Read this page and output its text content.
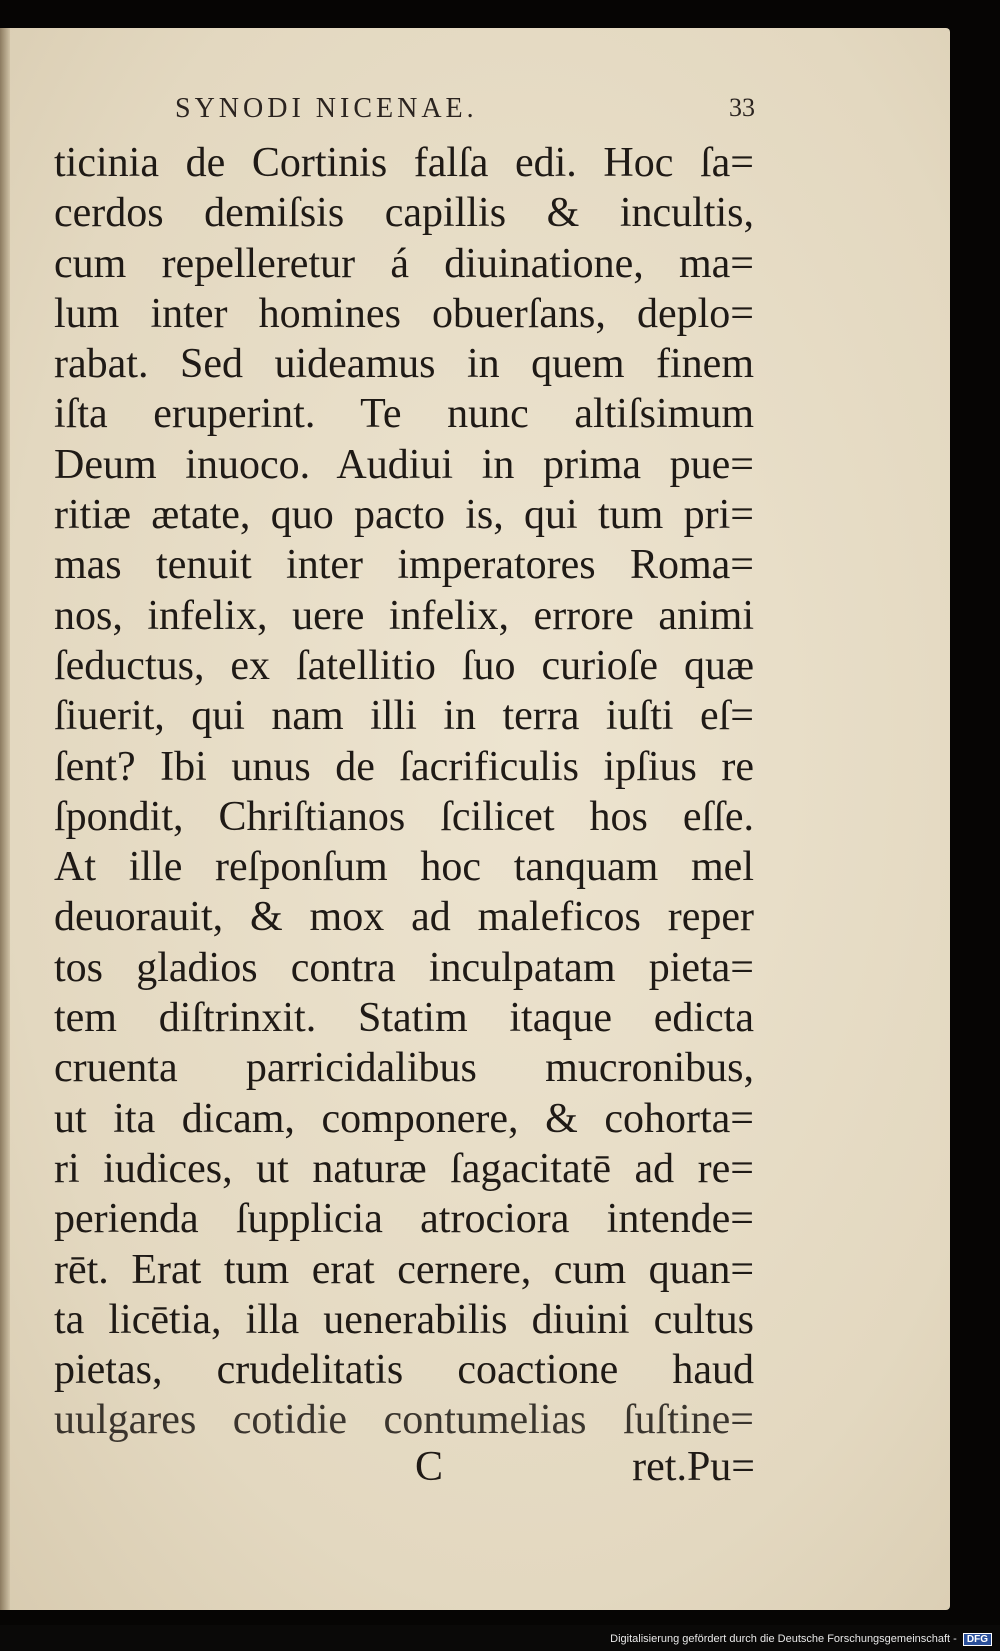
SYNODI NICENAE.	33
ticinia de Cortinis falſa edi. Hoc ſa=
cerdos demiſsis capillis & incultis,
cum repelleretur á diuinatione, ma=
lum inter homines obuerſans, deplo=
rabat. Sed uideamus in quem finem
iſta eruperint. Te nunc altiſsimum
Deum inuoco. Audiui in prima pue=
ritiæ ætate, quo pacto is, qui tum pri=
mas tenuit inter imperatores Roma=
nos, infelix, uere infelix, errore animi
ſeductus, ex ſatellitio ſuo curioſe quæ
ſiuerit, qui nam illi in terra iuſti eſ=
ſent? Ibi unus de ſacrificulis ipſius re
ſpondit, Chriſtianos ſcilicet hos eſſe.
At ille reſponſum hoc tanquam mel
deuorauit, & mox ad maleficos reper
tos gladios contra inculpatam pieta=
tem diſtrinxit. Statim itaque edicta
cruenta parricidalibus mucronibus,
ut ita dicam, componere, & cohorta=
ri iudices, ut naturæ ſagacitatē ad re=
perienda ſupplicia atrociora intende=
rēt. Erat tum erat cernere, cum quan=
ta licētia, illa uenerabilis diuini cultus
pietas, crudelitatis coactione haud
uulgares cotidie contumelias ſuſtine=
C	ret.Pu=
Digitalisierung gefördert durch die Deutsche Forschungsgemeinschaft - DFG
